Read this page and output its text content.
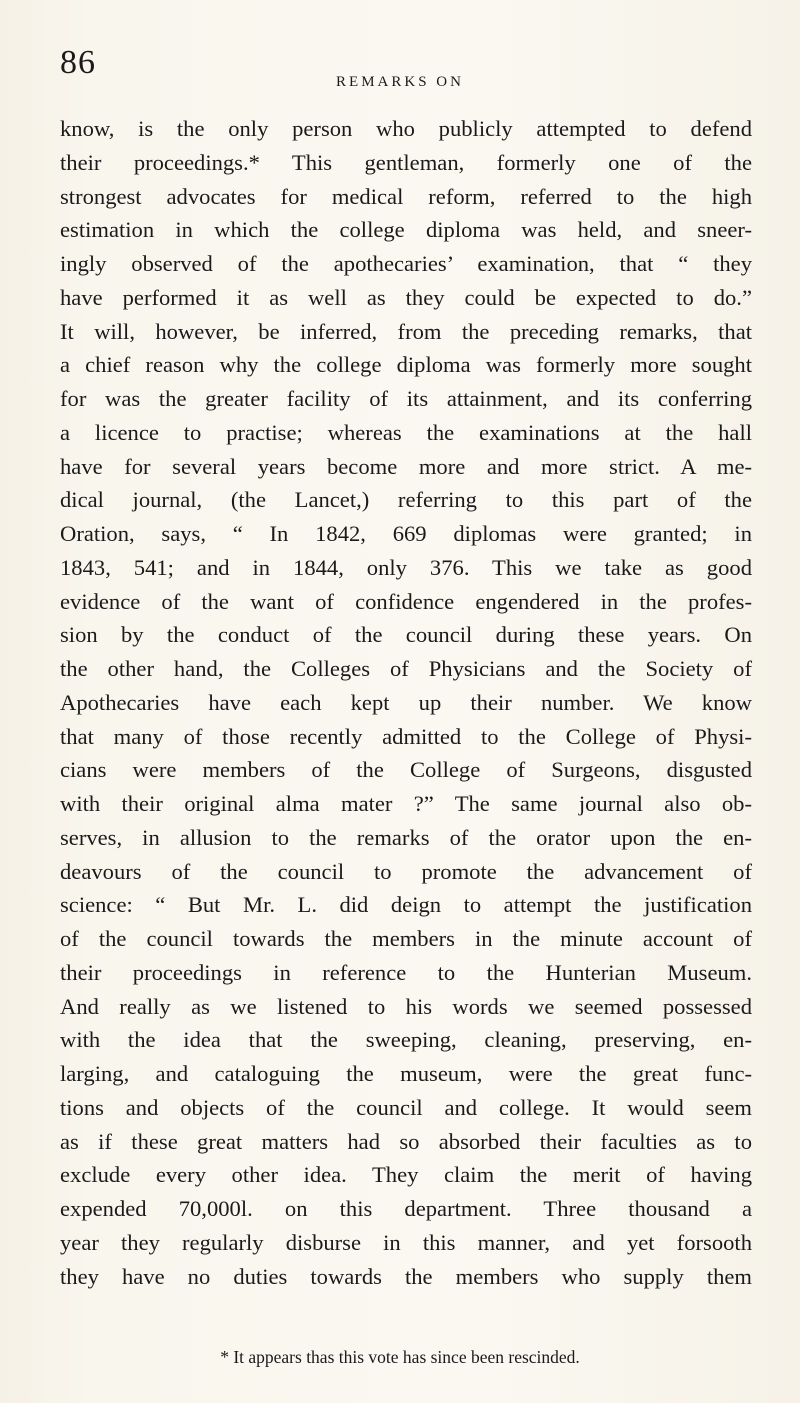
86
REMARKS ON
know, is the only person who publicly attempted to defend
their proceedings.* This gentleman, formerly one of the
strongest advocates for medical reform, referred to the high
estimation in which the college diploma was held, and sneer-
ingly observed of the apothecaries’ examination, that “ they
have performed it as well as they could be expected to do.”
It will, however, be inferred, from the preceding remarks, that
a chief reason why the college diploma was formerly more sought
for was the greater facility of its attainment, and its conferring
a licence to practise; whereas the examinations at the hall
have for several years become more and more strict. A me-
dical journal, (the Lancet,) referring to this part of the
Oration, says, “ In 1842, 669 diplomas were granted; in
1843, 541; and in 1844, only 376. This we take as good
evidence of the want of confidence engendered in the profes-
sion by the conduct of the council during these years. On
the other hand, the Colleges of Physicians and the Society of
Apothecaries have each kept up their number. We know
that many of those recently admitted to the College of Physi-
cians were members of the College of Surgeons, disgusted
with their original alma mater ?” The same journal also ob-
serves, in allusion to the remarks of the orator upon the en-
deavours of the council to promote the advancement of
science: “ But Mr. L. did deign to attempt the justification
of the council towards the members in the minute account of
their proceedings in reference to the Hunterian Museum.
And really as we listened to his words we seemed possessed
with the idea that the sweeping, cleaning, preserving, en-
larging, and cataloguing the museum, were the great func-
tions and objects of the council and college. It would seem
as if these great matters had so absorbed their faculties as to
exclude every other idea. They claim the merit of having
expended 70,000l. on this department. Three thousand a
year they regularly disburse in this manner, and yet forsooth
they have no duties towards the members who supply them
* It appears thas this vote has since been rescinded.
